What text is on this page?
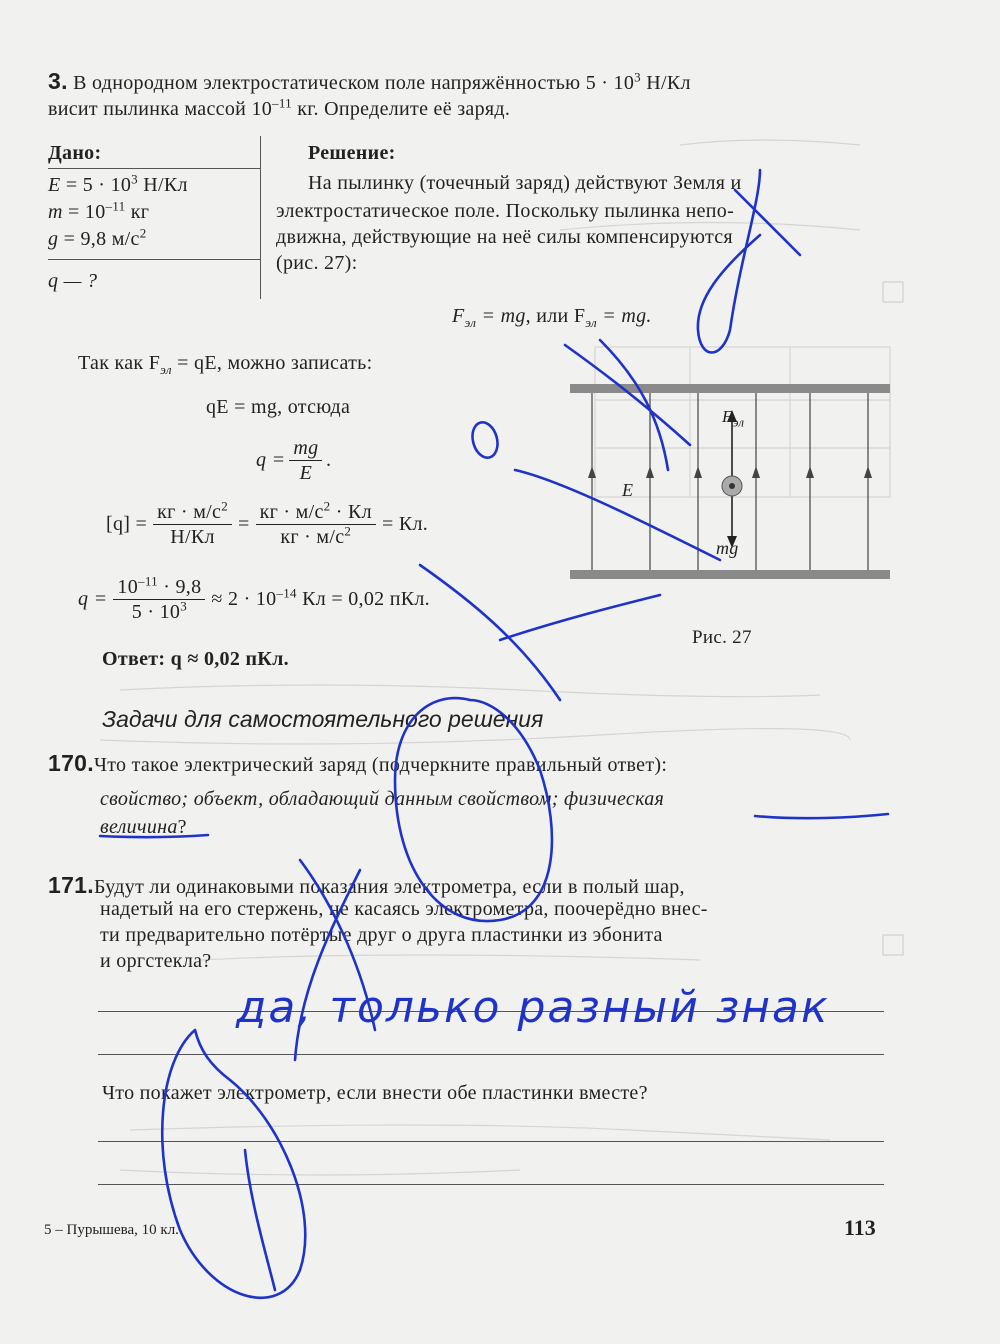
3. В однородном электростатическом поле напряжённостью $5 \cdot 10^3$ Н/Кл
висит пылинка массой $10^{-11}$ кг. Определите её заряд.
Дано:
$E = 5 \cdot 10^3$ Н/Кл
$m = 10^{-11}$ кг
g = 9,8 $м/с^2$
q — ?
Решение:
На пылинку (точечный заряд) действуют Земля и
электростатическое поле. Поскольку пылинка непо-
движна, действующие на неё силы компенсируются
(рис. 27):
$F_{эл}$ = mg, или $F_{эл}$ = mg.
Так как $F_{эл}$ = qE, можно записать:
qE = mg, отсюда
$q = \frac{mg}{E}$ .
$[q] = \frac{кг \cdot м/с^2}{Н/Кл} = \frac{кг \cdot м/с^2 \cdot Кл}{кг \cdot м/с^2}$ = Кл.
$q = \frac{10^{-11} \cdot 9,8}{5 \cdot 10^3} \approx 2 \cdot 10^{-14}$ Кл = 0,02 пКл.
Ответ: q ≈ 0,02 пКл.
$F_{эл}$
E
mg
Рис. 27
Задачи для самостоятельного решения
170.Что такое электрический заряд (подчеркните правильный ответ):
свойство; объект, обладающий данным свойством; физическая
величина?
171.Будут ли одинаковыми показания электрометра, если в полый шар,
надетый на его стержень, не касаясь электрометра, поочерёдно внес-
ти предварительно потёртые друг о друга пластинки из эбонита
и оргстекла?
Что покажет электрометр, если внести обе пластинки вместе?
да, только разный знак
5 – Пурышева, 10 кл.	113
